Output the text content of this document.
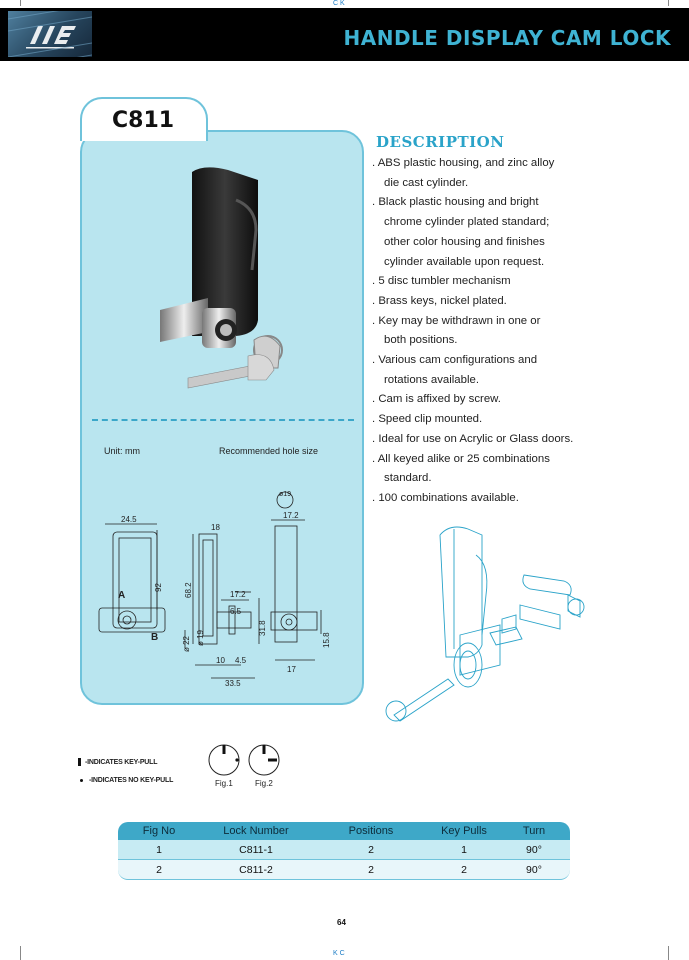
C K
HANDLE DISPLAY CAM LOCK
C811
Unit: mm	Recommended hole size
24.5
18
17.2
ø19
92	68.2	17.2
6.5
31.8
15.8
ø 22 ø 19
10 4.5
17
33.5
A
B
DESCRIPTION
. ABS plastic housing, and zinc alloy
die cast cylinder.
. Black plastic housing and bright
chrome cylinder plated standard;
other color housing and finishes
cylinder available upon request.
. 5 disc tumbler mechanism
. Brass keys, nickel plated.
. Key may be withdrawn in one or
both positions.
. Various cam configurations and
rotations available.
. Cam is affixed by screw.
. Speed clip mounted.
. Ideal for use on Acrylic or Glass doors.
. All keyed alike or 25 combinations
standard.
. 100 combinations available.
-INDICATES KEY-PULL
-INDICATES NO KEY-PULL	Fig.1	Fig.2
Fig No	Lock Number	Positions	Key Pulls	Turn
1	C811-1	2	1	90°
2	C811-2	2	2	90°
64
K C
